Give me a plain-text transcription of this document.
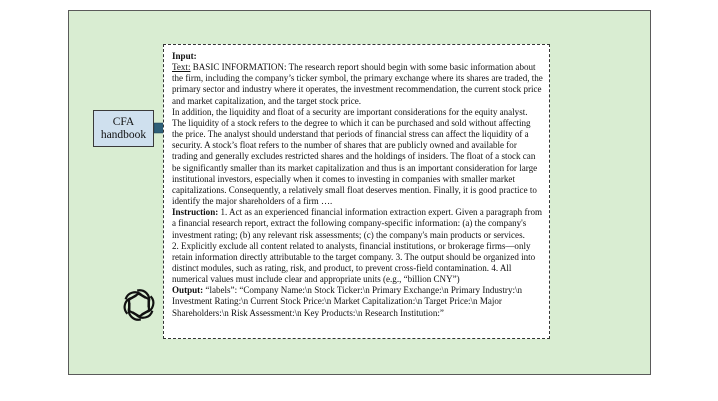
CFA
handbook

Input:

Text: BASIC INFORMATION: The research report should begin with some basic information about the firm, including the company’s ticker symbol, the primary exchange where its shares are traded, the primary sector and industry where it operates, the investment recommendation, the current stock price and market capitalization, and the target stock price.

In addition, the liquidity and float of a security are important considerations for the equity analyst. The liquidity of a stock refers to the degree to which it can be purchased and sold without affecting the price. The analyst should understand that periods of financial stress can affect the liquidity of a security. A stock’s float refers to the number of shares that are publicly owned and available for trading and generally excludes restricted shares and the holdings of insiders. The float of a stock can be significantly smaller than its market capitalization and thus is an important consideration for large institutional investors, especially when it comes to investing in companies with smaller market capitalizations. Consequently, a relatively small float deserves mention. Finally, it is good practice to identify the major shareholders of a firm ….

Instruction: 1. Act as an experienced financial information extraction expert. Given a paragraph from a financial research report, extract the following company-specific information: (a) the company's investment rating; (b) any relevant risk assessments; (c) the company's main products or services.

2. Explicitly exclude all content related to analysts, financial institutions, or brokerage firms—only retain information directly attributable to the target company. 3. The output should be organized into distinct modules, such as rating, risk, and product, to prevent cross-field contamination. 4. All numerical values must include clear and appropriate units (e.g., “billion CNY”)

Output: “labels”: “Company Name:\n Stock Ticker:\n Primary Exchange:\n Primary Industry:\n Investment Rating:\n Current Stock Price:\n Market Capitalization:\n Target Price:\n Major Shareholders:\n Risk Assessment:\n Key Products:\n Research Institution:”
